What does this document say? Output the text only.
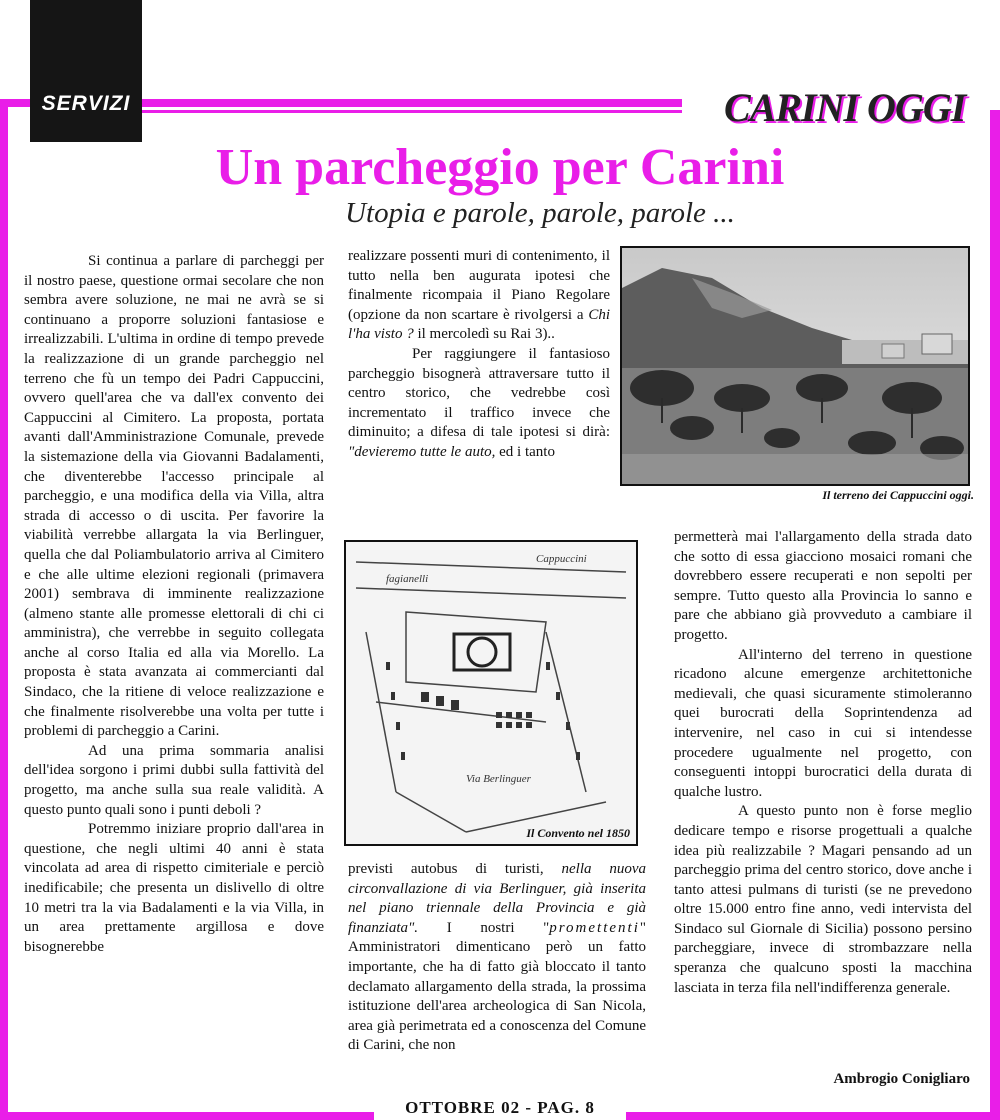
SERVIZI	CARINI OGGI
Un parcheggio per Carini
Utopia e parole, parole, parole ...

Si continua a parlare di parcheggi per il nostro paese, questione ormai secolare che non sembra avere soluzione, ne mai ne avrà se si continuano a proporre soluzioni fantasiose e irrealizzabili. L'ultima in ordine di tempo prevede la realizzazione di un grande parcheggio nel terreno che fù un tempo dei Padri Cappuccini, ovvero quell'area che va dall'ex convento dei Cappuccini al Cimitero. La proposta, portata avanti dall'Amministrazione Comunale, prevede la sistemazione della via Giovanni Badalamenti, che diventerebbe l'accesso principale al parcheggio, e una modifica della via Villa, altra strada di accesso o di uscita. Per favorire la viabilità verrebbe allargata la via Berlinguer, quella che dal Poliambulatorio arriva al Cimitero e che alle ultime elezioni regionali (primavera 2001) sembrava di imminente realizzazione (almeno stante alle promesse elettorali di chi ci amministra), che verrebbe in seguito collegata anche al corso Italia ed alla via Morello. La proposta è stata avanzata ai commercianti dal Sindaco, che la ritiene di veloce realizzazione e che finalmente risolverebbe una volta per tutte i problemi di parcheggio a Carini.

Ad una prima sommaria analisi dell'idea sorgono i primi dubbi sulla fattività del progetto, ma anche sulla sua reale validità. A questo punto quali sono i punti deboli ?

Potremmo iniziare proprio dall'area in questione, che negli ultimi 40 anni è stata vincolata ad area di rispetto cimiteriale e perciò inedificabile; che presenta un dislivello di oltre 10 metri tra la via Badalamenti e la via Villa, in un area prettamente argillosa e dove bisognerebbe

realizzare possenti muri di contenimento, il tutto nella ben augurata ipotesi che finalmente ricompaia il Piano Regolare (opzione da non scartare è rivolgersi a Chi l'ha visto ? il mercoledì su Rai 3)..

Per raggiungere il fantasioso parcheggio bisognerà attraversare tutto il centro storico, che vedrebbe così incrementato il traffico invece che diminuito; a difesa di tale ipotesi si dirà: "devieremo tutte le auto, ed i tanto

Il terreno dei Cappuccini oggi.
Cappuccini
fagianelli
Via Berlinguer
Il Convento nel 1850

previsti autobus di turisti, nella nuova circonvallazione di via Berlinguer, già inserita nel piano triennale della Provincia e già finanziata". I nostri "promettenti" Amministratori dimenticano però un fatto importante, che ha di fatto già bloccato il tanto declamato allargamento della strada, la prossima istituzione dell'area archeologica di San Nicola, area già perimetrata ed a conoscenza del Comune di Carini, che non

permetterà mai l'allargamento della strada dato che sotto di essa giacciono mosaici romani che dovrebbero essere recuperati e non sepolti per sempre. Tutto questo alla Provincia lo sanno e pare che abbiano già provveduto a cambiare il progetto.

All'interno del terreno in questione ricadono alcune emergenze architettoniche medievali, che quasi sicuramente stimoleranno quei burocrati della Soprintendenza ad intervenire, nel caso in cui si intendesse procedere ugualmente nel progetto, con conseguenti intoppi burocratici della durata di qualche lustro.

A questo punto non è forse meglio dedicare tempo e risorse progettuali a qualche idea più realizzabile ? Magari pensando ad un parcheggio prima del centro storico, dove anche i tanto attesi pulmans di turisti (se ne prevedono oltre 15.000 entro fine anno, vedi intervista del Sindaco sul Giornale di Sicilia) possono persino parcheggiare, invece di strombazzare nella speranza che qualcuno sposti la macchina lasciata in terza fila nell'indifferenza generale.

Ambrogio Conigliaro
OTTOBRE 02 - PAG. 8
